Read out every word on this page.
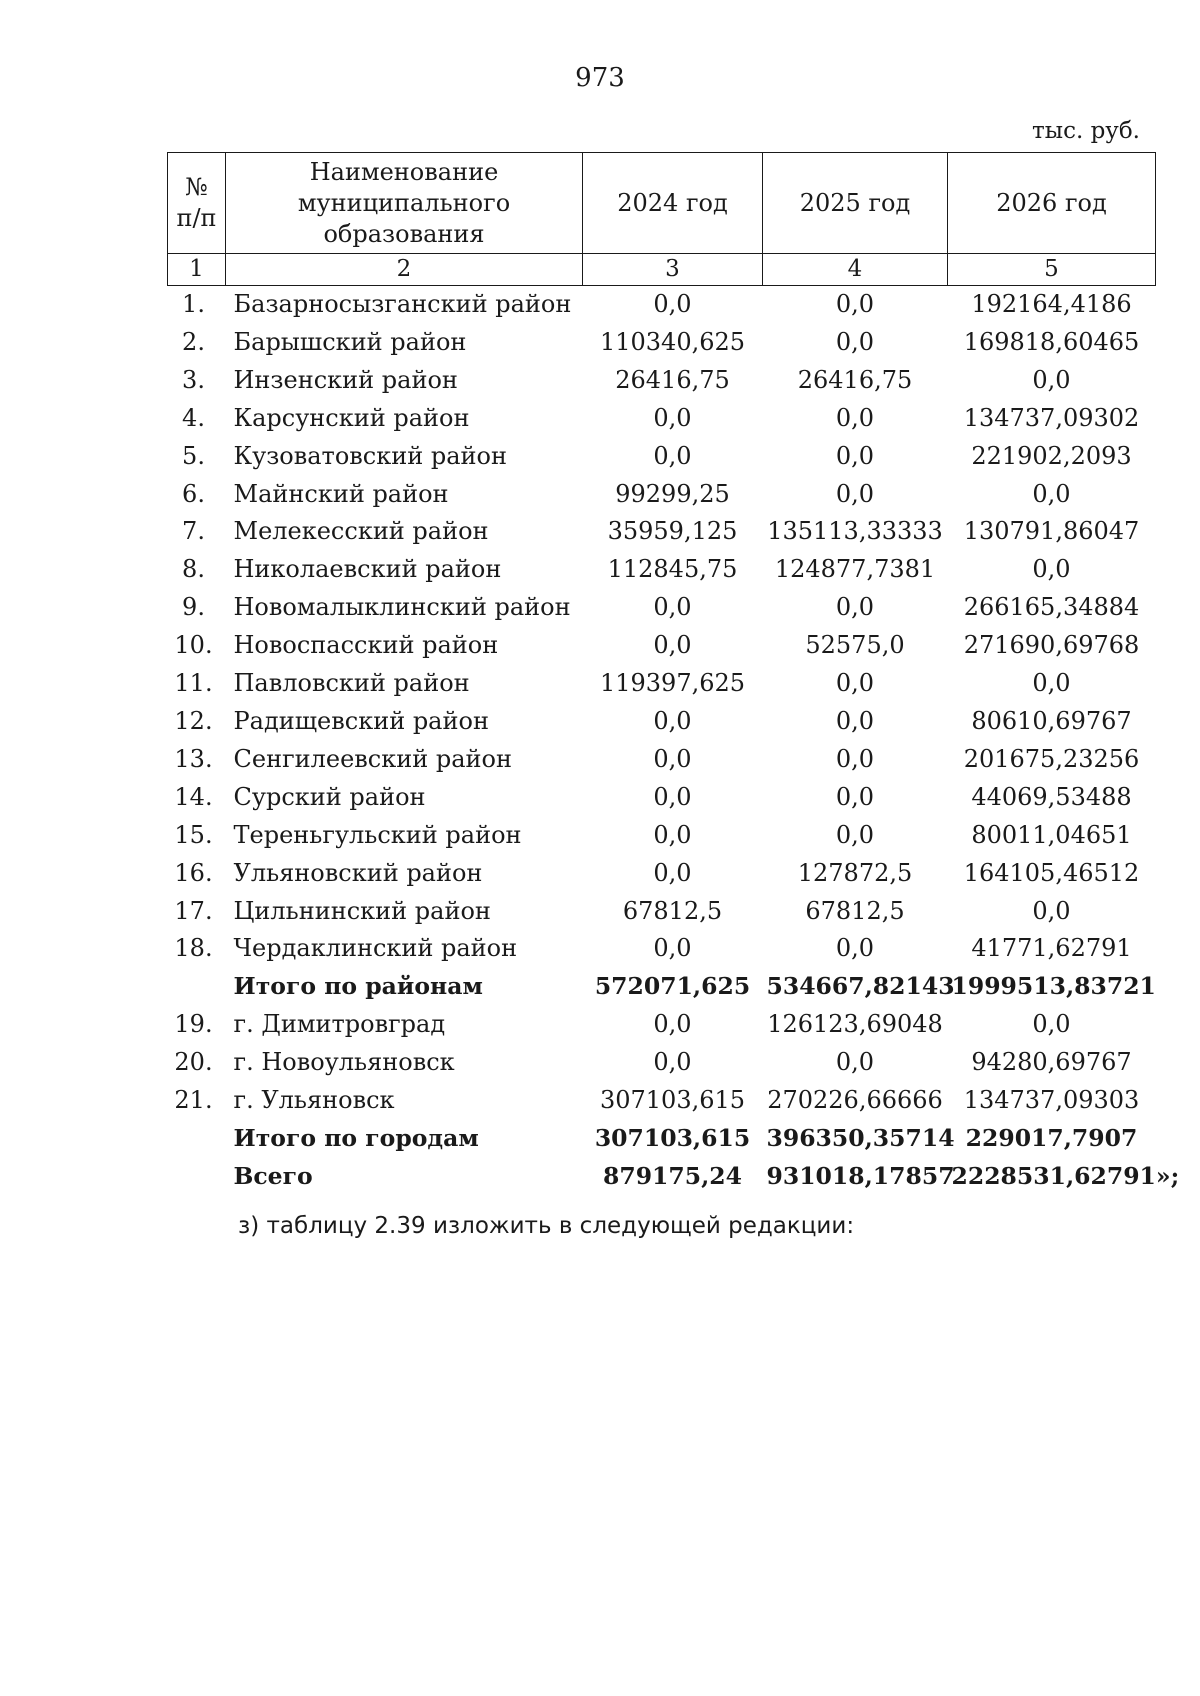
973
тыс. руб.
№ п/п	Наименование муниципального образования	2024 год	2025 год	2026 год
1	2	3	4	5
1.	Базарносызганский район	0,0	0,0	192164,4186
2.	Барышский район	110340,625	0,0	169818,60465
3.	Инзенский район	26416,75	26416,75	0,0
4.	Карсунский район	0,0	0,0	134737,09302
5.	Кузоватовский район	0,0	0,0	221902,2093
6.	Майнский район	99299,25	0,0	0,0
7.	Мелекесский район	35959,125	135113,33333	130791,86047
8.	Николаевский район	112845,75	124877,7381	0,0
9.	Новомалыклинский район	0,0	0,0	266165,34884
10.	Новоспасский район	0,0	52575,0	271690,69768
11.	Павловский район	119397,625	0,0	0,0
12.	Радищевский район	0,0	0,0	80610,69767
13.	Сенгилеевский район	0,0	0,0	201675,23256
14.	Сурский район	0,0	0,0	44069,53488
15.	Тереньгульский район	0,0	0,0	80011,04651
16.	Ульяновский район	0,0	127872,5	164105,46512
17.	Цильнинский район	67812,5	67812,5	0,0
18.	Чердаклинский район	0,0	0,0	41771,62791
	Итого по районам	572071,625	534667,82143	1999513,83721
19.	г. Димитровград	0,0	126123,69048	0,0
20.	г. Новоульяновск	0,0	0,0	94280,69767
21.	г. Ульяновск	307103,615	270226,66666	134737,09303
	Итого по городам	307103,615	396350,35714	229017,7907
	Всего	879175,24	931018,17857	2228531,62791»;
з) таблицу 2.39 изложить в следующей редакции:
